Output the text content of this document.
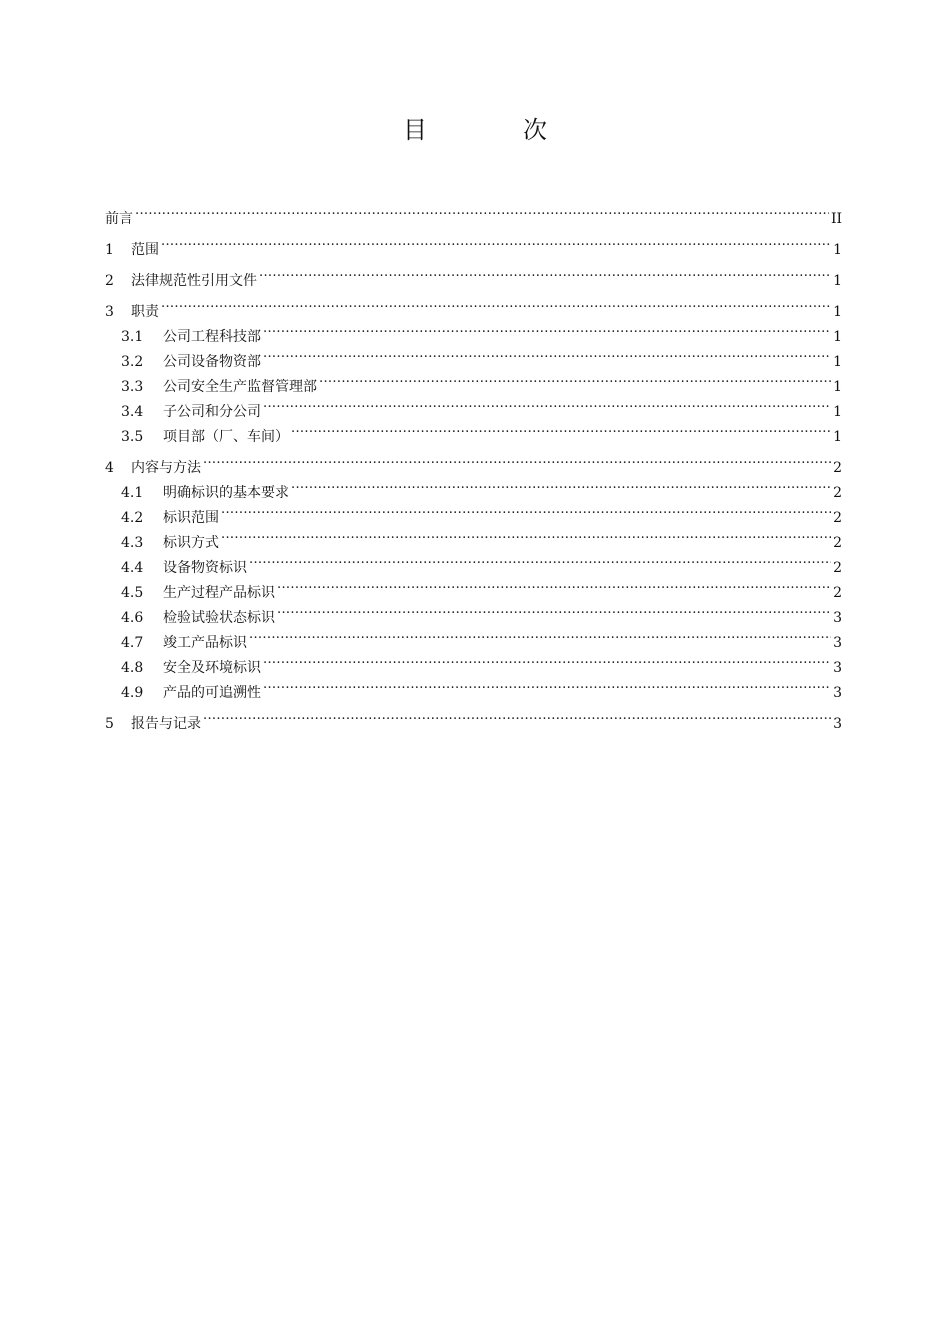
目　次
前言 . . .	II
1	范围 . . .	1
2	法律规范性引用文件 . . .	1
3	职责 . . .	1
3.1	公司工程科技部 . . .	1
3.2	公司设备物资部 . . .	1
3.3	公司安全生产监督管理部 . . .	1
3.4	子公司和分公司 . . .	1
3.5	项目部（厂、车间） . . .	1
4	内容与方法 . . .	2
4.1	明确标识的基本要求 . . .	2
4.2	标识范围 . . .	2
4.3	标识方式 . . .	2
4.4	设备物资标识 . . .	2
4.5	生产过程产品标识 . . .	2
4.6	检验试验状态标识 . . .	3
4.7	竣工产品标识 . . .	3
4.8	安全及环境标识 . . .	3
4.9	产品的可追溯性 . . .	3
5	报告与记录 . . .	3
